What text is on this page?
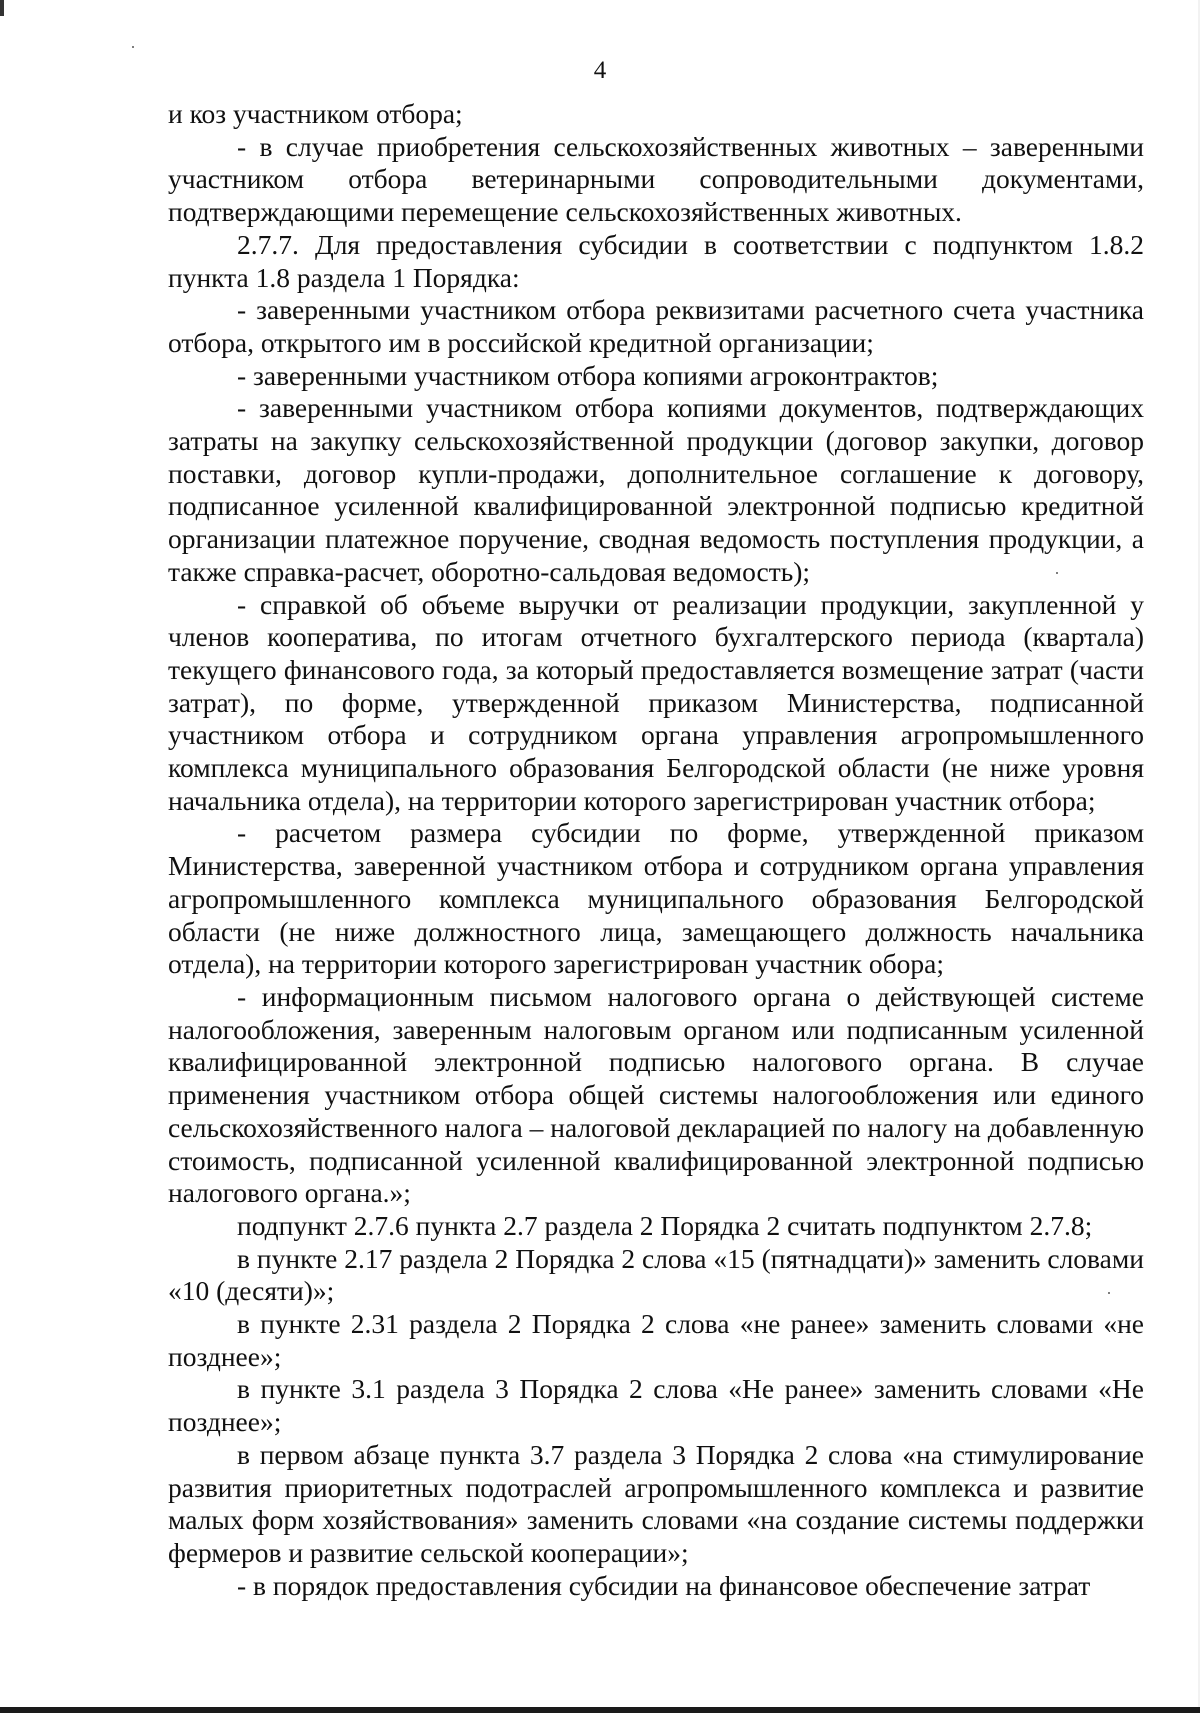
4

и коз участником отбора;

- в случае приобретения сельскохозяйственных животных – заверенными участником отбора ветеринарными сопроводительными документами, подтверждающими перемещение сельскохозяйственных животных.

2.7.7. Для предоставления субсидии в соответствии с подпунктом 1.8.2 пункта 1.8 раздела 1 Порядка:

- заверенными участником отбора реквизитами расчетного счета участника отбора, открытого им в российской кредитной организации;

- заверенными участником отбора копиями агроконтрактов;

- заверенными участником отбора копиями документов, подтверждающих затраты на закупку сельскохозяйственной продукции (договор закупки, договор поставки, договор купли-продажи, дополнительное соглашение к договору, подписанное усиленной квалифицированной электронной подписью кредитной организации платежное поручение, сводная ведомость поступления продукции, а также справка-расчет, оборотно-сальдовая ведомость);

- справкой об объеме выручки от реализации продукции, закупленной у членов кооператива, по итогам отчетного бухгалтерского периода (квартала) текущего финансового года, за который предоставляется возмещение затрат (части затрат), по форме, утвержденной приказом Министерства, подписанной участником отбора и сотрудником органа управления агропромышленного комплекса муниципального образования Белгородской области (не ниже уровня начальника отдела), на территории которого зарегистрирован участник отбора;

- расчетом размера субсидии по форме, утвержденной приказом Министерства, заверенной участником отбора и сотрудником органа управления агропромышленного комплекса муниципального образования Белгородской области (не ниже должностного лица, замещающего должность начальника отдела), на территории которого зарегистрирован участник обора;

- информационным письмом налогового органа о действующей системе налогообложения, заверенным налоговым органом или подписанным усиленной квалифицированной электронной подписью налогового органа. В случае применения участником отбора общей системы налогообложения или единого сельскохозяйственного налога – налоговой декларацией по налогу на добавленную стоимость, подписанной усиленной квалифицированной электронной подписью налогового органа.»;

подпункт 2.7.6 пункта 2.7 раздела 2 Порядка 2 считать подпунктом 2.7.8;

в пункте 2.17 раздела 2 Порядка 2 слова «15 (пятнадцати)» заменить словами «10 (десяти)»;

в пункте 2.31 раздела 2 Порядка 2 слова «не ранее» заменить словами «не позднее»;

в пункте 3.1 раздела 3 Порядка 2 слова «Не ранее» заменить словами «Не позднее»;

в первом абзаце пункта 3.7 раздела 3 Порядка 2 слова «на стимулирование развития приоритетных подотраслей агропромышленного комплекса и развитие малых форм хозяйствования» заменить словами «на создание системы поддержки фермеров и развитие сельской кооперации»;

- в порядок предоставления субсидии на финансовое обеспечение затрат
